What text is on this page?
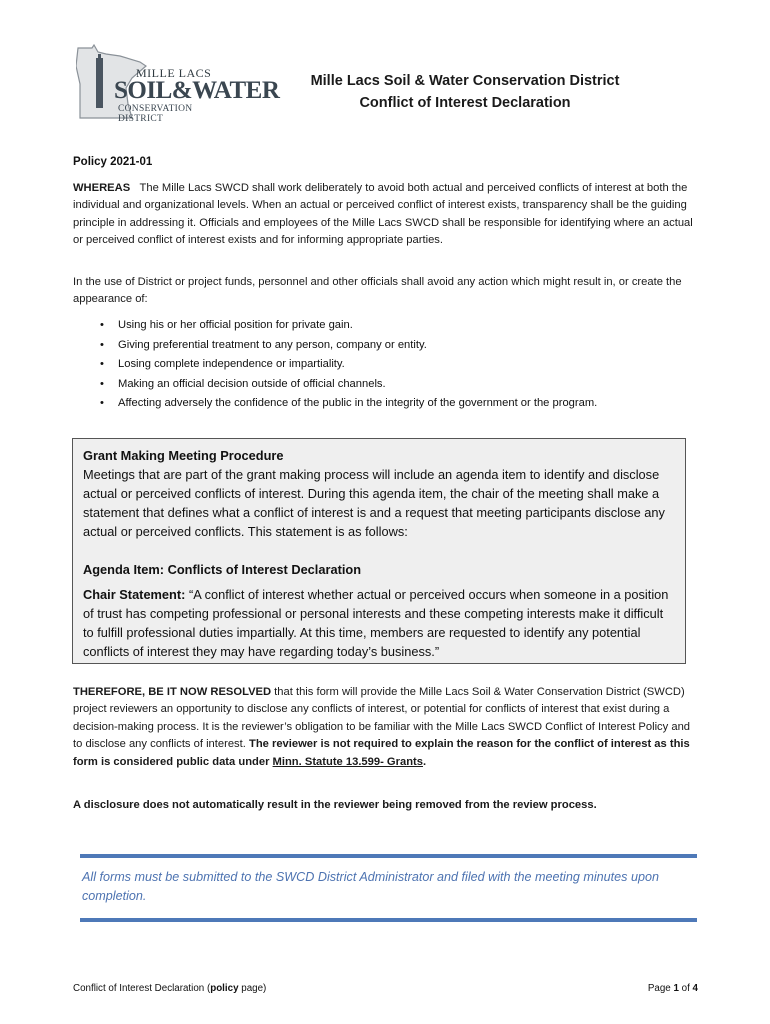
MILLE LACS
SOIL&WATER
CONSERVATION DISTRICT
Mille Lacs Soil & Water Conservation District
Conflict of Interest Declaration
Policy 2021-01
WHEREAS The Mille Lacs SWCD shall work deliberately to avoid both actual and perceived conflicts of interest at both the individual and organizational levels. When an actual or perceived conflict of interest exists, transparency shall be the guiding principle in addressing it. Officials and employees of the Mille Lacs SWCD shall be responsible for identifying where an actual or perceived conflict of interest exists and for informing appropriate parties.
In the use of District or project funds, personnel and other officials shall avoid any action which might result in, or create the appearance of:
• Using his or her official position for private gain.
• Giving preferential treatment to any person, company or entity.
• Losing complete independence or impartiality.
• Making an official decision outside of official channels.
• Affecting adversely the confidence of the public in the integrity of the government or the program.
Grant Making Meeting Procedure
Meetings that are part of the grant making process will include an agenda item to identify and disclose actual or perceived conflicts of interest. During this agenda item, the chair of the meeting shall make a statement that defines what a conflict of interest is and a request that meeting participants disclose any actual or perceived conflicts. This statement is as follows:
Agenda Item: Conflicts of Interest Declaration
Chair Statement: “A conflict of interest whether actual or perceived occurs when someone in a position of trust has competing professional or personal interests and these competing interests make it difficult to fulfill professional duties impartially. At this time, members are requested to identify any potential conflicts of interest they may have regarding today’s business.”
THEREFORE, BE IT NOW RESOLVED that this form will provide the Mille Lacs Soil & Water Conservation District (SWCD) project reviewers an opportunity to disclose any conflicts of interest, or potential for conflicts of interest that exist during a decision-making process. It is the reviewer’s obligation to be familiar with the Mille Lacs SWCD Conflict of Interest Policy and to disclose any conflicts of interest. The reviewer is not required to explain the reason for the conflict of interest as this form is considered public data under Minn. Statute 13.599- Grants.
A disclosure does not automatically result in the reviewer being removed from the review process.
All forms must be submitted to the SWCD District Administrator and filed with the meeting minutes upon completion.
Conflict of Interest Declaration (policy page)	Page 1 of 4
